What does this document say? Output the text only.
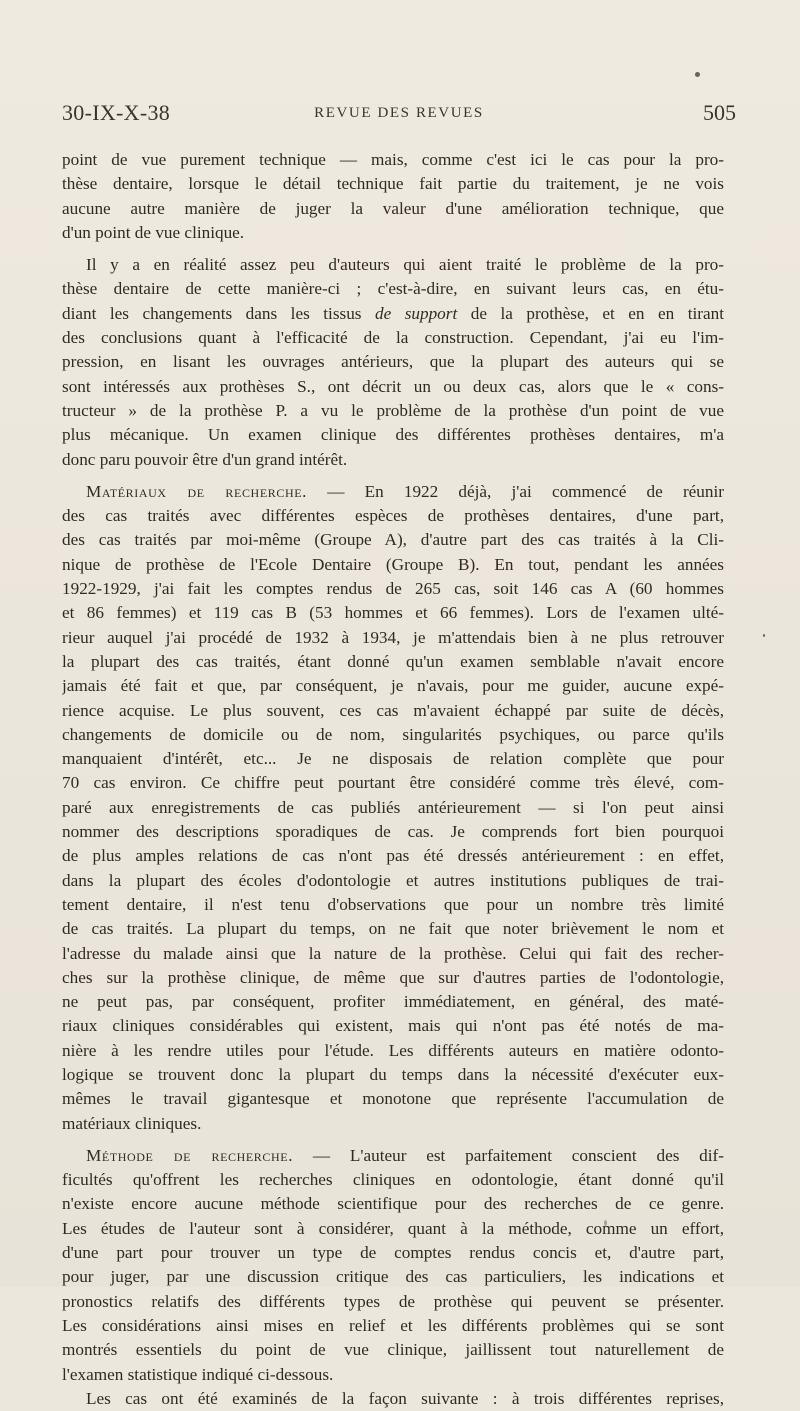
30-IX-X-38	REVUE DES REVUES	505
point de vue purement technique — mais, comme c'est ici le cas pour la pro-
thèse dentaire, lorsque le détail technique fait partie du traitement, je ne vois
aucune autre manière de juger la valeur d'une amélioration technique, que
d'un point de vue clinique.
Il y a en réalité assez peu d'auteurs qui aient traité le problème de la pro-
thèse dentaire de cette manière-ci ; c'est-à-dire, en suivant leurs cas, en étu-
diant les changements dans les tissus de support de la prothèse, et en en tirant
des conclusions quant à l'efficacité de la construction. Cependant, j'ai eu l'im-
pression, en lisant les ouvrages antérieurs, que la plupart des auteurs qui se
sont intéressés aux prothèses S., ont décrit un ou deux cas, alors que le « cons-
tructeur » de la prothèse P. a vu le problème de la prothèse d'un point de vue
plus mécanique. Un examen clinique des différentes prothèses dentaires, m'a
donc paru pouvoir être d'un grand intérêt.
Matériaux de recherche. — En 1922 déjà, j'ai commencé de réunir
des cas traités avec différentes espèces de prothèses dentaires, d'une part,
des cas traités par moi-même (Groupe A), d'autre part des cas traités à la Cli-
nique de prothèse de l'Ecole Dentaire (Groupe B). En tout, pendant les années
1922-1929, j'ai fait les comptes rendus de 265 cas, soit 146 cas A (60 hommes
et 86 femmes) et 119 cas B (53 hommes et 66 femmes). Lors de l'examen ulté-
rieur auquel j'ai procédé de 1932 à 1934, je m'attendais bien à ne plus retrouver
la plupart des cas traités, étant donné qu'un examen semblable n'avait encore
jamais été fait et que, par conséquent, je n'avais, pour me guider, aucune expé-
rience acquise. Le plus souvent, ces cas m'avaient échappé par suite de décès,
changements de domicile ou de nom, singularités psychiques, ou parce qu'ils
manquaient d'intérêt, etc... Je ne disposais de relation complète que pour
70 cas environ. Ce chiffre peut pourtant être considéré comme très élevé, com-
paré aux enregistrements de cas publiés antérieurement — si l'on peut ainsi
nommer des descriptions sporadiques de cas. Je comprends fort bien pourquoi
de plus amples relations de cas n'ont pas été dressés antérieurement : en effet,
dans la plupart des écoles d'odontologie et autres institutions publiques de trai-
tement dentaire, il n'est tenu d'observations que pour un nombre très limité
de cas traités. La plupart du temps, on ne fait que noter brièvement le nom et
l'adresse du malade ainsi que la nature de la prothèse. Celui qui fait des recher-
ches sur la prothèse clinique, de même que sur d'autres parties de l'odontologie,
ne peut pas, par conséquent, profiter immédiatement, en général, des maté-
riaux cliniques considérables qui existent, mais qui n'ont pas été notés de ma-
nière à les rendre utiles pour l'étude. Les différents auteurs en matière odonto-
logique se trouvent donc la plupart du temps dans la nécessité d'exécuter eux-
mêmes le travail gigantesque et monotone que représente l'accumulation de
matériaux cliniques.
Méthode de recherche. — L'auteur est parfaitement conscient des dif-
ficultés qu'offrent les recherches cliniques en odontologie, étant donné qu'il
n'existe encore aucune méthode scientifique pour des recherches de ce genre.
Les études de l'auteur sont à considérer, quant à la méthode, comme un effort,
d'une part pour trouver un type de comptes rendus concis et, d'autre part,
pour juger, par une discussion critique des cas particuliers, les indications et
pronostics relatifs des différents types de prothèse qui peuvent se présenter.
Les considérations ainsi mises en relief et les différents problèmes qui se sont
montrés essentiels du point de vue clinique, jaillissent tout naturellement de
l'examen statistique indiqué ci-dessous.
Les cas ont été examinés de la façon suivante : à trois différentes reprises,
